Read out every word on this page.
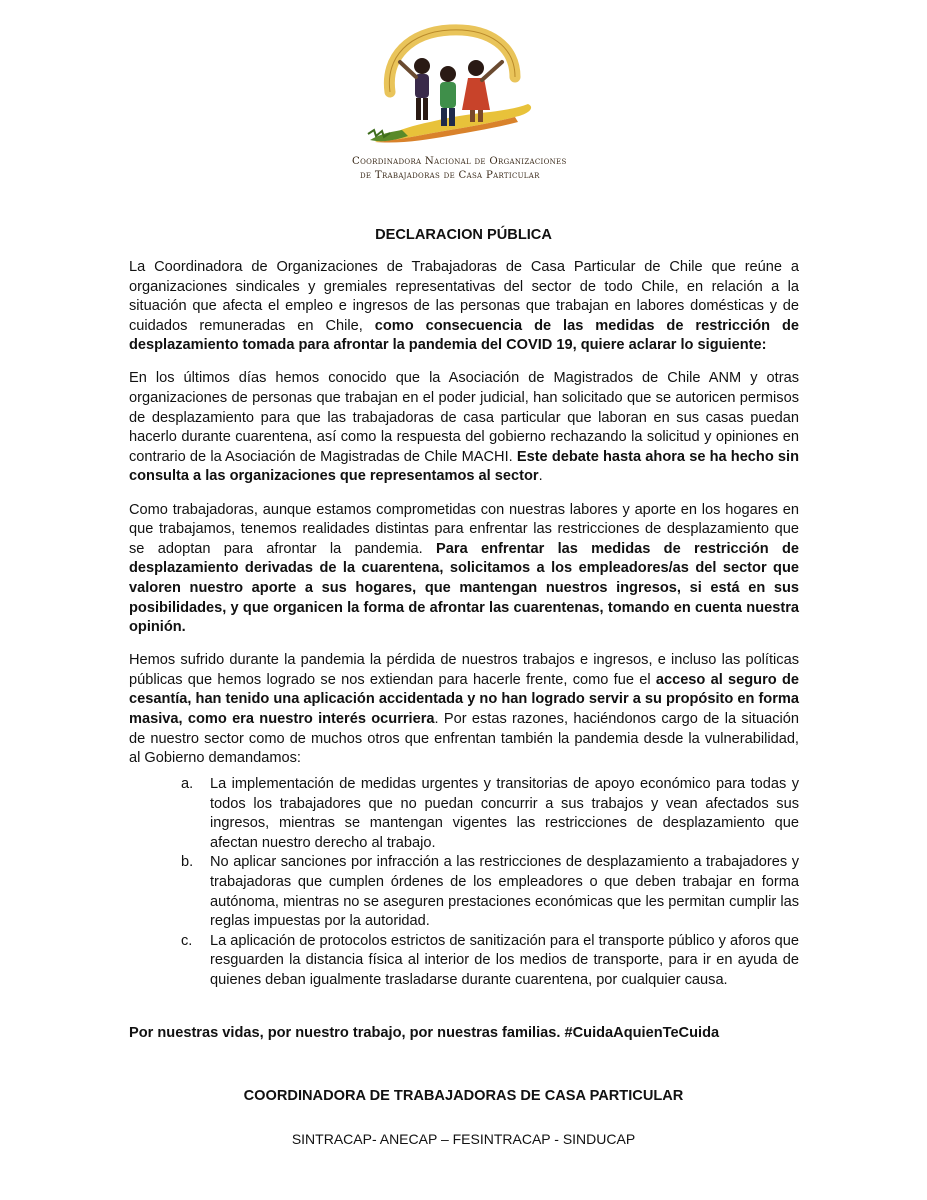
Coordinadora Nacional de Organizaciones
de Trabajadoras de Casa Particular
DECLARACION PÚBLICA

La Coordinadora de Organizaciones de Trabajadoras de Casa Particular de Chile que reúne a organizaciones sindicales y gremiales representativas del sector de todo Chile, en relación a la situación que afecta el empleo e ingresos de las personas que trabajan en labores domésticas y de cuidados remuneradas en Chile, como consecuencia de las medidas de restricción de desplazamiento tomada para afrontar la pandemia del COVID 19, quiere aclarar lo siguiente:

En los últimos días hemos conocido que la Asociación de Magistrados de Chile ANM y otras organizaciones de personas que trabajan en el poder judicial, han solicitado que se autoricen permisos de desplazamiento para que las trabajadoras de casa particular que laboran en sus casas puedan hacerlo durante cuarentena, así como la respuesta del gobierno rechazando la solicitud y opiniones en contrario de la Asociación de Magistradas de Chile MACHI. Este debate hasta ahora se ha hecho sin consulta a las organizaciones que representamos al sector.

Como trabajadoras, aunque estamos comprometidas con nuestras labores y aporte en los hogares en que trabajamos, tenemos realidades distintas para enfrentar las restricciones de desplazamiento que se adoptan para afrontar la pandemia. Para enfrentar las medidas de restricción de desplazamiento derivadas de la cuarentena, solicitamos a los empleadores/as del sector que valoren nuestro aporte a sus hogares, que mantengan nuestros ingresos, si está en sus posibilidades, y que organicen la forma de afrontar las cuarentenas, tomando en cuenta nuestra opinión.

Hemos sufrido durante la pandemia la pérdida de nuestros trabajos e ingresos, e incluso las políticas públicas que hemos logrado se nos extiendan para hacerle frente, como fue el acceso al seguro de cesantía, han tenido una aplicación accidentada y no han logrado servir a su propósito en forma masiva, como era nuestro interés ocurriera. Por estas razones, haciéndonos cargo de la situación de nuestro sector como de muchos otros que enfrentan también la pandemia desde la vulnerabilidad, al Gobierno demandamos:

a. La implementación de medidas urgentes y transitorias de apoyo económico para todas y todos los trabajadores que no puedan concurrir a sus trabajos y vean afectados sus ingresos, mientras se mantengan vigentes las restricciones de desplazamiento que afectan nuestro derecho al trabajo.
b. No aplicar sanciones por infracción a las restricciones de desplazamiento a trabajadores y trabajadoras que cumplen órdenes de los empleadores o que deben trabajar en forma autónoma, mientras no se aseguren prestaciones económicas que les permitan cumplir las reglas impuestas por la autoridad.
c. La aplicación de protocolos estrictos de sanitización para el transporte público y aforos que resguarden la distancia física al interior de los medios de transporte, para ir en ayuda de quienes deban igualmente trasladarse durante cuarentena, por cualquier causa.
Por nuestras vidas, por nuestro trabajo, por nuestras familias. #CuidaAquienTeCuida
COORDINADORA DE TRABAJADORAS DE CASA PARTICULAR
SINTRACAP- ANECAP – FESINTRACAP - SINDUCAP
